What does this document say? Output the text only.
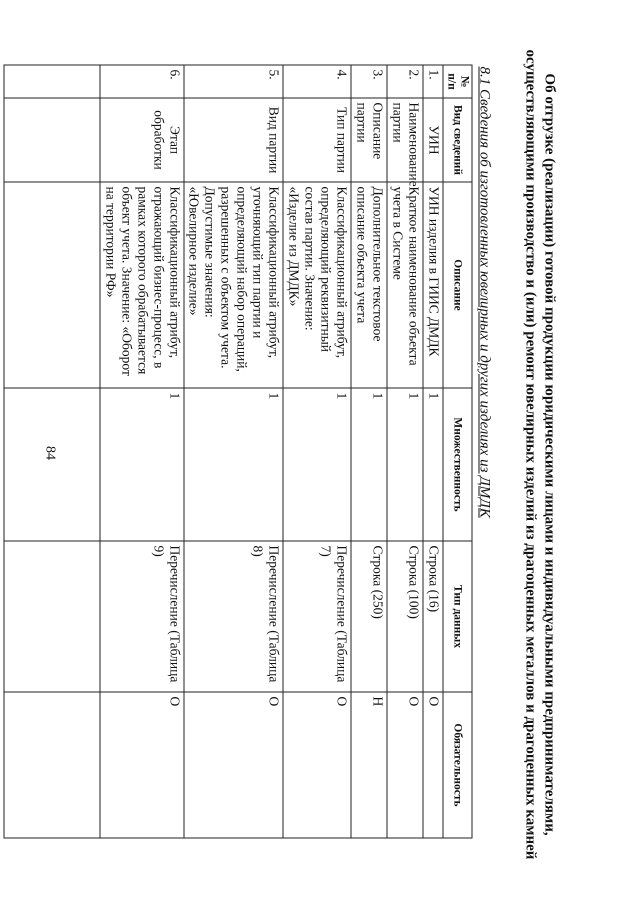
84	Об отгрузке (реализации) готовой продукции юридическими лицами и индивидуальными предпринимателями, осуществляющими производство и (или) ремонт ювелирных изделий из драгоценных металлов и драгоценных камней
8.1 Сведения об изготовленных ювелирных и других изделиях из ДМДК
№ п/п	Вид сведений	Описание	Множественность	Тип данных	Обязательность
1.	УИН	УИН изделия в ГИИС ДМДК	1	Строка (16)	О
2.	Наименование партии	Краткое наименование объекта учета в Системе	1	Строка (100)	О
3.	Описание партии	Дополнительное текстовое описание объекта учета	1	Строка (250)	Н
4.	Тип партии	Классификационный атрибут, определяющий реквизитный состав партии. Значение: «Изделие из ДМДК»	1	Перечисление (Таблица 7)	О
5.	Вид партии	Классификационный атрибут, уточняющий тип партии и определяющий набор операций, разрешенных с объектом учета. Допустимые значения: «Ювелирное изделие»	1	Перечисление (Таблица 8)	О
6.	Этап обработки	Классификационный атрибут, отражающий бизнес-процесс, в рамках которого обрабатывается объект учета. Значение: «Оборот на территории РФ»	1	Перечисление (Таблица 9)	О
